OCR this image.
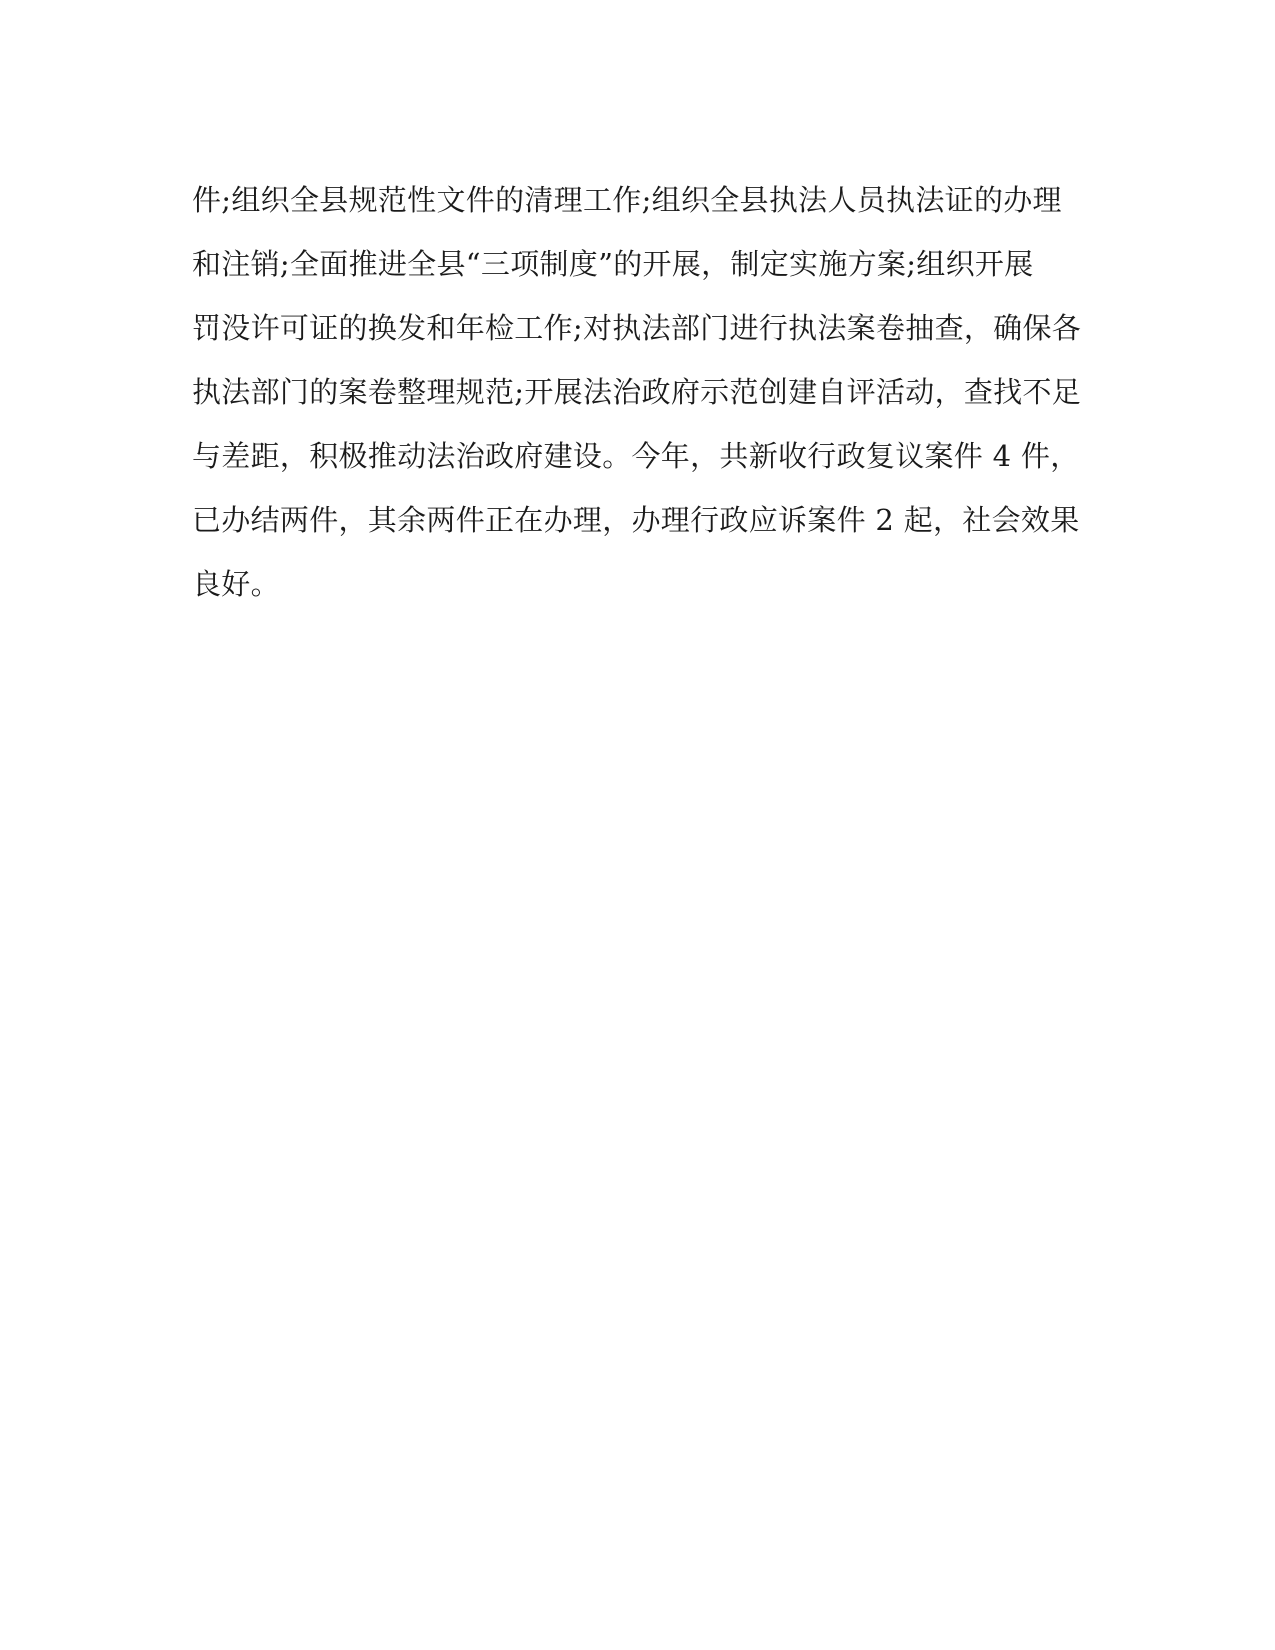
件;组织全县规范性文件的清理工作;组织全县执法人员执法证的办理
和注销;全面推进全县“三项制度”的开展，制定实施方案;组织开展
罚没许可证的换发和年检工作;对执法部门进行执法案卷抽查，确保各
执法部门的案卷整理规范;开展法治政府示范创建自评活动，查找不足
与差距，积极推动法治政府建设。今年，共新收行政复议案件 4 件，
已办结两件，其余两件正在办理，办理行政应诉案件 2 起，社会效果
良好。
